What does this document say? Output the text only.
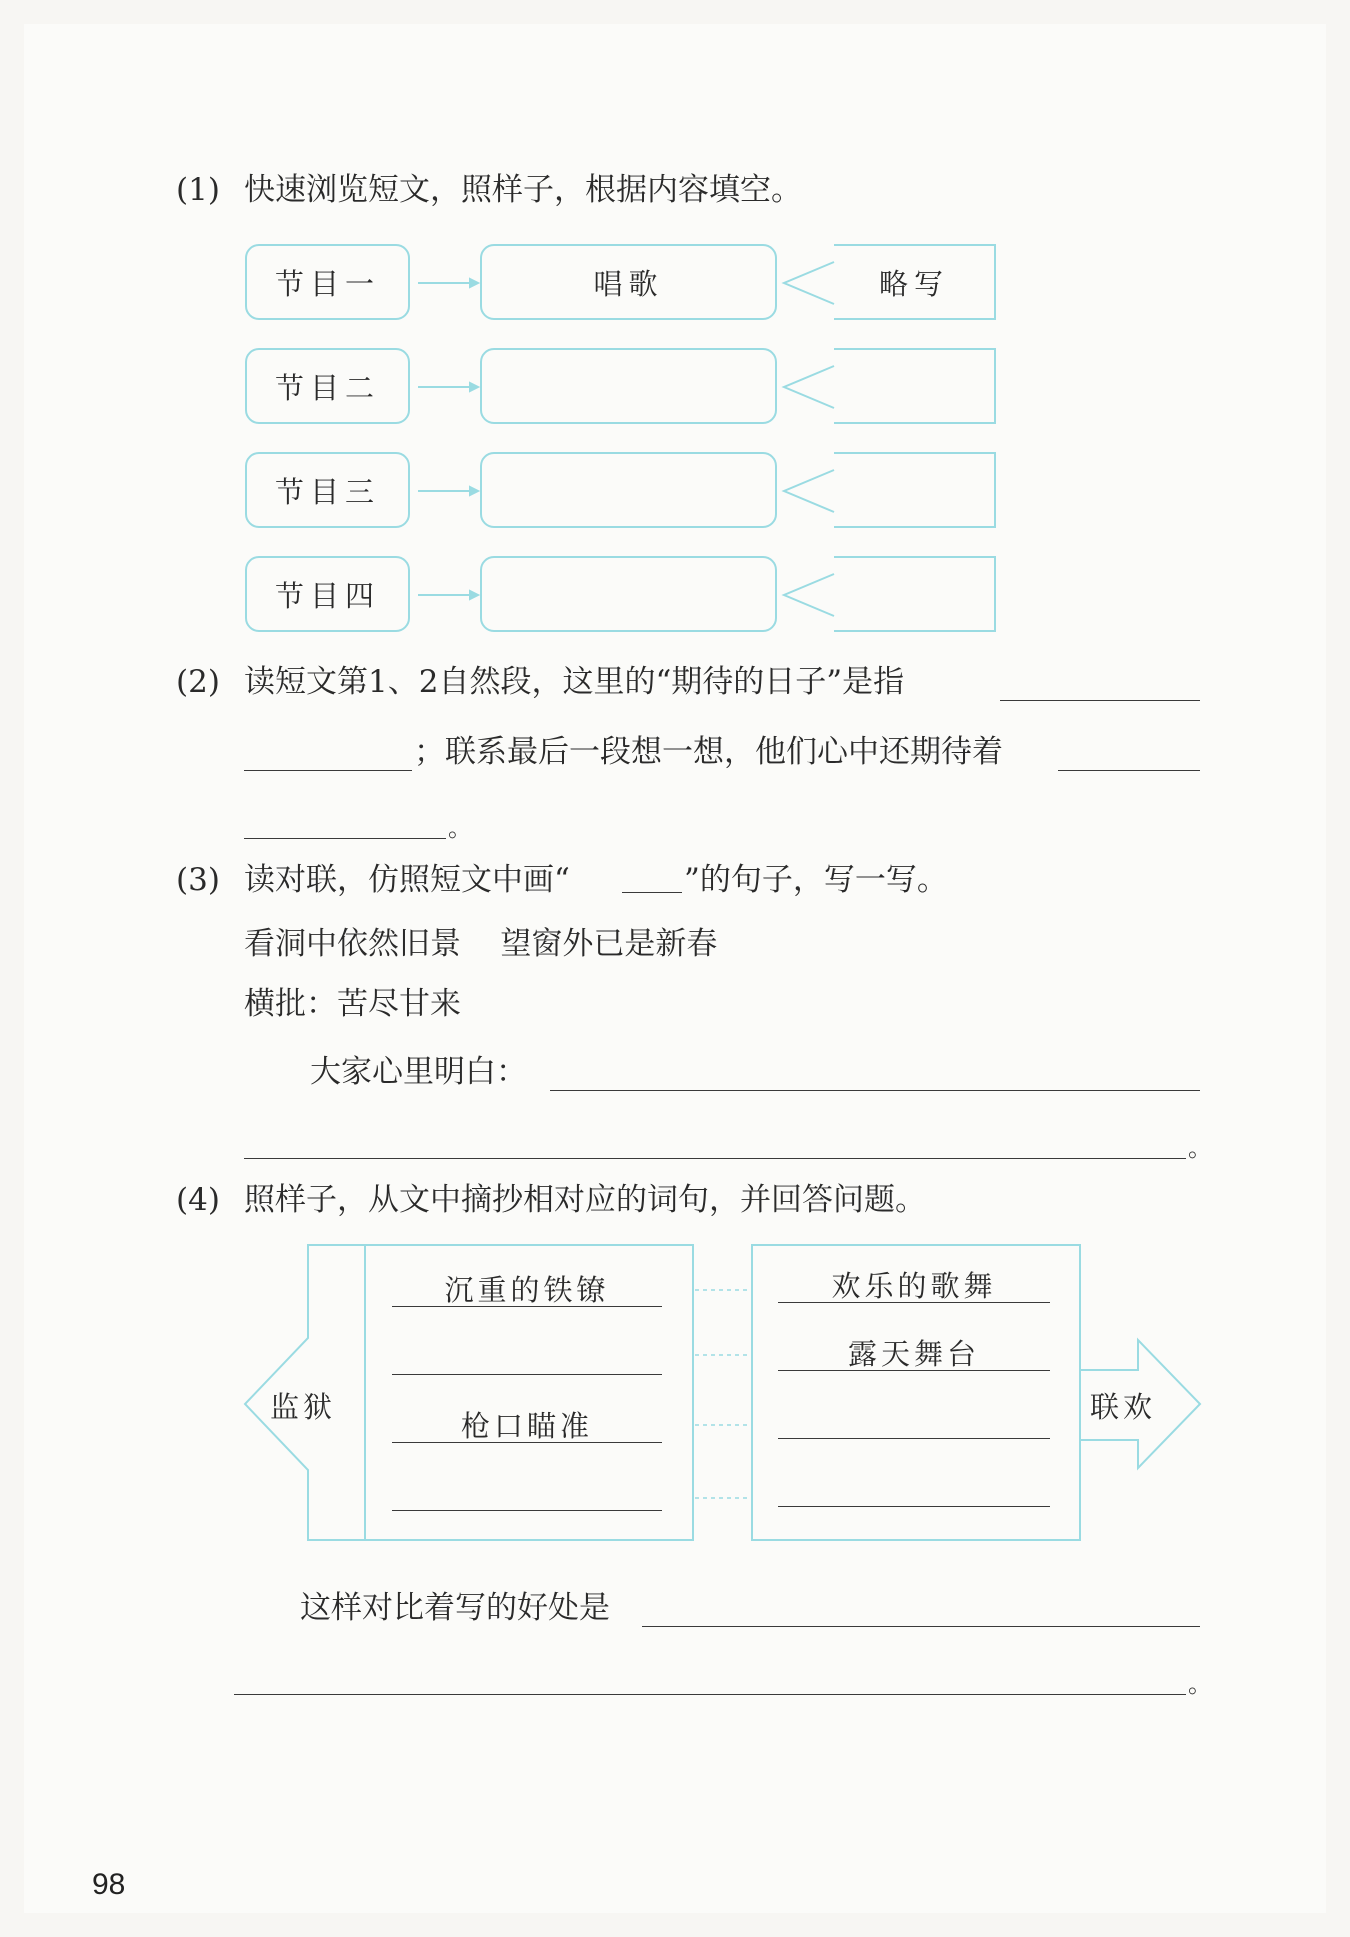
(1) 快速浏览短文，照样子，根据内容填空。
节目一	唱歌	略写
节目二
节目三
节目四
(2) 读短文第1、2自然段，这里的“期待的日子”是指
；联系最后一段想一想，他们心中还期待着
。
(3) 读对联，仿照短文中画“	”的句子，写一写。
看洞中依然旧景    望窗外已是新春
横批：苦尽甘来
大家心里明白：
。
(4) 照样子，从文中摘抄相对应的词句，并回答问题。
监狱	联欢
沉重的铁镣
枪口瞄准
欢乐的歌舞
露天舞台
这样对比着写的好处是
。
98
